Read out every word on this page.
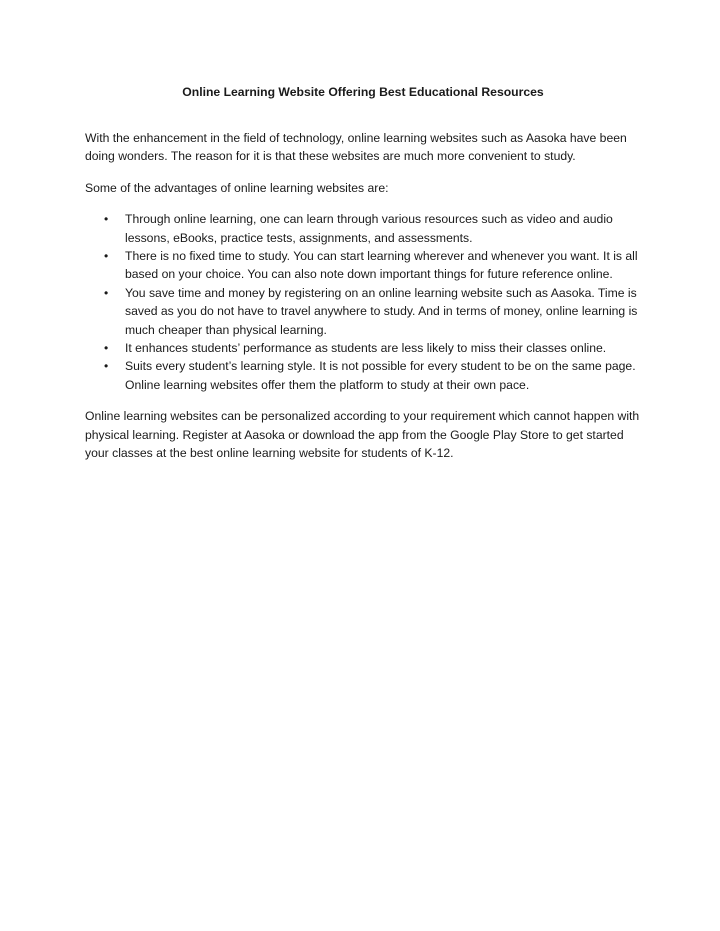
Online Learning Website Offering Best Educational Resources

With the enhancement in the field of technology, online learning websites such as Aasoka have been doing wonders. The reason for it is that these websites are much more convenient to study.

Some of the advantages of online learning websites are:

•
Through online learning, one can learn through various resources such as video and audio lessons, eBooks, practice tests, assignments, and assessments.
•
There is no fixed time to study. You can start learning wherever and whenever you want. It is all based on your choice. You can also note down important things for future reference online.
•
You save time and money by registering on an online learning website such as Aasoka. Time is saved as you do not have to travel anywhere to study. And in terms of money, online learning is much cheaper than physical learning.
•
It enhances students’ performance as students are less likely to miss their classes online.
•
Suits every student’s learning style. It is not possible for every student to be on the same page. Online learning websites offer them the platform to study at their own pace.

Online learning websites can be personalized according to your requirement which cannot happen with physical learning. Register at Aasoka or download the app from the Google Play Store to get started your classes at the best online learning website for students of K-12.
